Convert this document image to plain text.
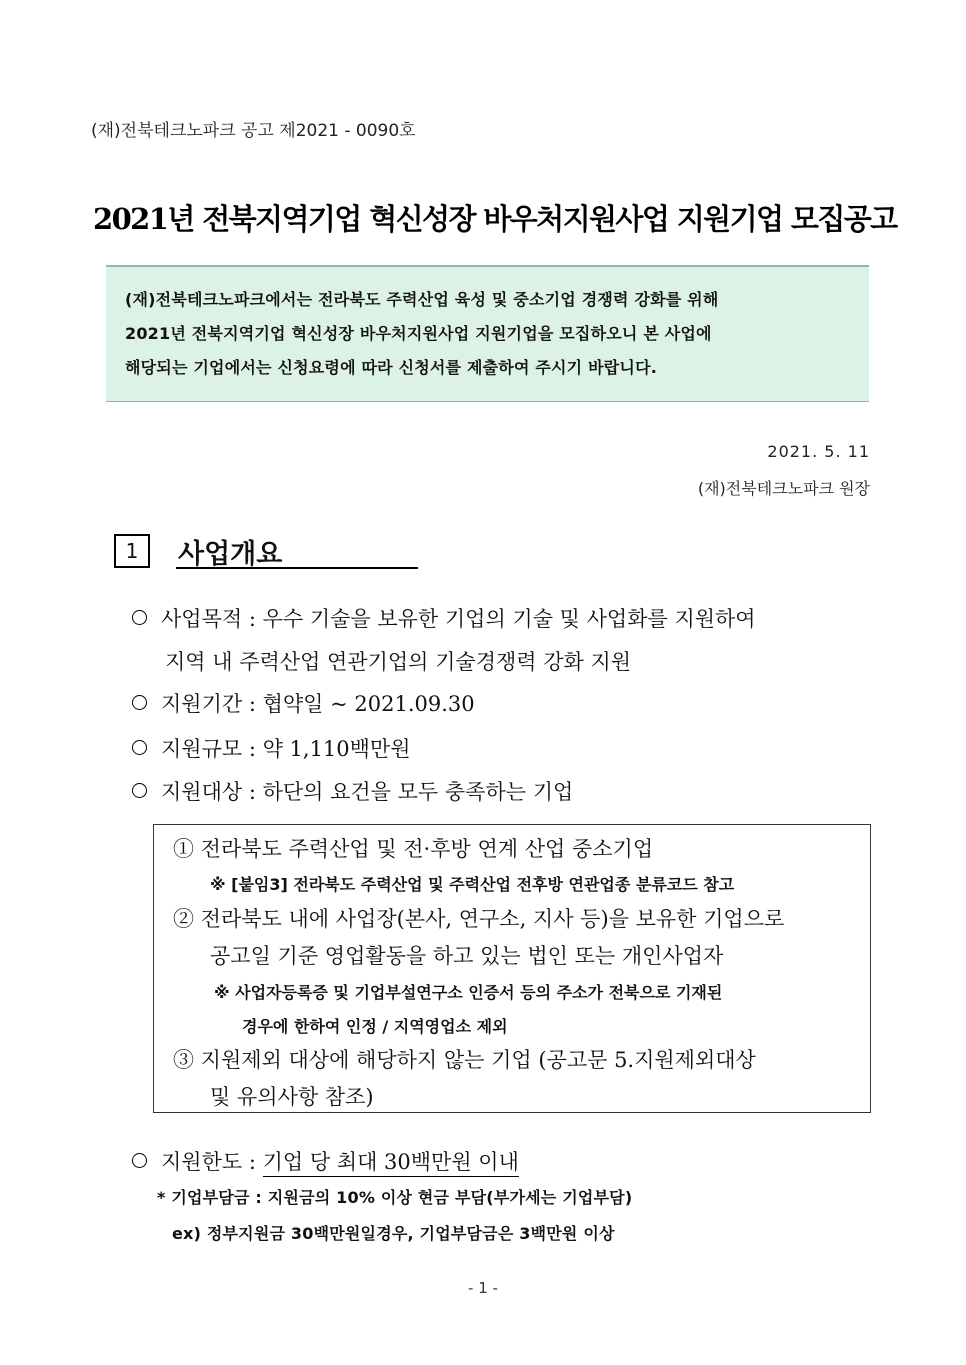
(재)전북테크노파크 공고 제2021 - 0090호
2021년 전북지역기업 혁신성장 바우처지원사업 지원기업 모집공고
(재)전북테크노파크에서는 전라북도 주력산업 육성 및 중소기업 경쟁력 강화를 위해
2021년 전북지역기업 혁신성장 바우처지원사업 지원기업을 모집하오니 본 사업에
해당되는 기업에서는 신청요령에 따라 신청서를 제출하여 주시기 바랍니다.
2021. 5. 11
(재)전북테크노파크 원장
1	사업개요
사업목적 : 우수 기술을 보유한 기업의 기술 및 사업화를 지원하여
지역 내 주력산업 연관기업의 기술경쟁력 강화 지원
지원기간 : 협약일 ~ 2021.09.30
지원규모 : 약 1,110백만원
지원대상 : 하단의 요건을 모두 충족하는 기업
① 전라북도 주력산업 및 전·후방 연계 산업 중소기업
※ [붙임3] 전라북도 주력산업 및 주력산업 전후방 연관업종 분류코드 참고
② 전라북도 내에 사업장(본사, 연구소, 지사 등)을 보유한 기업으로
공고일 기준 영업활동을 하고 있는 법인 또는 개인사업자
※ 사업자등록증 및 기업부설연구소 인증서 등의 주소가 전북으로 기재된
경우에 한하여 인정 / 지역영업소 제외
③ 지원제외 대상에 해당하지 않는 기업 (공고문 5.지원제외대상
및 유의사항 참조)
지원한도 : 기업 당 최대 30백만원 이내
* 기업부담금 : 지원금의 10% 이상 현금 부담(부가세는 기업부담)
ex) 정부지원금 30백만원일경우, 기업부담금은 3백만원 이상
- 1 -
